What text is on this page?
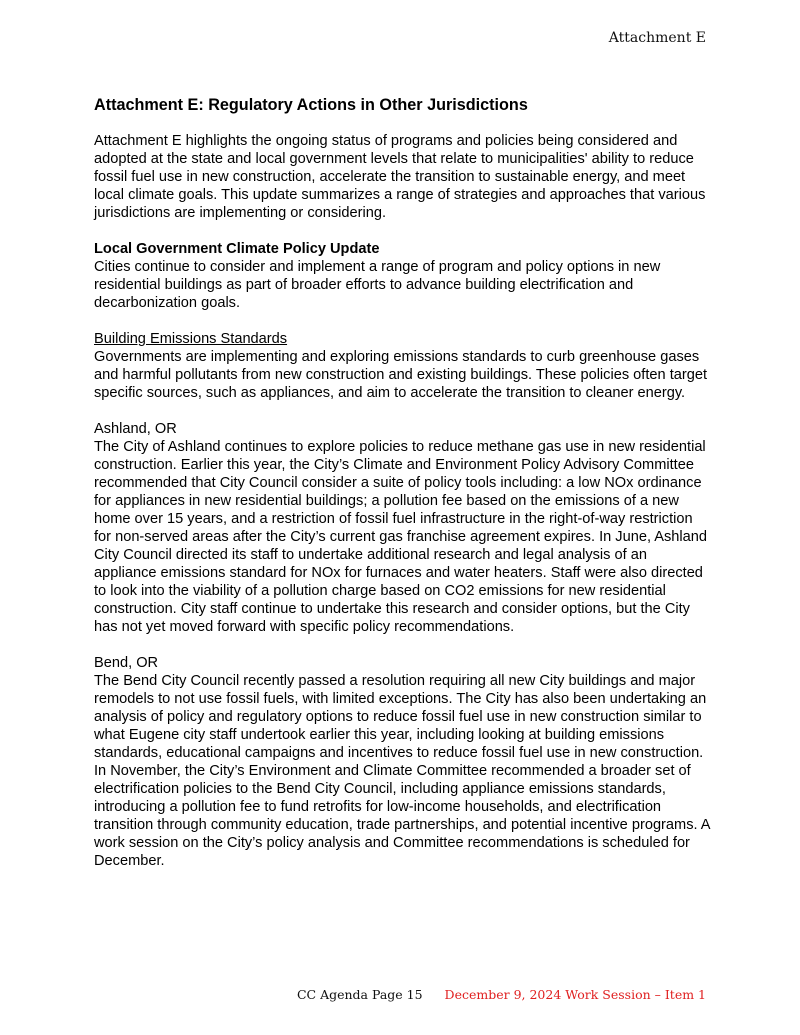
Attachment E

Attachment E: Regulatory Actions in Other Jurisdictions

Attachment E highlights the ongoing status of programs and policies being considered and adopted at the state and local government levels that relate to municipalities' ability to reduce fossil fuel use in new construction, accelerate the transition to sustainable energy, and meet local climate goals. This update summarizes a range of strategies and approaches that various jurisdictions are implementing or considering.

Local Government Climate Policy Update

Cities continue to consider and implement a range of program and policy options in new residential buildings as part of broader efforts to advance building electrification and decarbonization goals.

Building Emissions Standards

Governments are implementing and exploring emissions standards to curb greenhouse gases and harmful pollutants from new construction and existing buildings. These policies often target specific sources, such as appliances, and aim to accelerate the transition to cleaner energy.

Ashland, OR

The City of Ashland continues to explore policies to reduce methane gas use in new residential construction. Earlier this year, the City’s Climate and Environment Policy Advisory Committee recommended that City Council consider a suite of policy tools including: a low NOx ordinance for appliances in new residential buildings; a pollution fee based on the emissions of a new home over 15 years, and a restriction of fossil fuel infrastructure in the right-of-way restriction for non-served areas after the City’s current gas franchise agreement expires. In June, Ashland City Council directed its staff to undertake additional research and legal analysis of an appliance emissions standard for NOx for furnaces and water heaters. Staff were also directed to look into the viability of a pollution charge based on CO2 emissions for new residential construction. City staff continue to undertake this research and consider options, but the City has not yet moved forward with specific policy recommendations.

Bend, OR

The Bend City Council recently passed a resolution requiring all new City buildings and major remodels to not use fossil fuels, with limited exceptions. The City has also been undertaking an analysis of policy and regulatory options to reduce fossil fuel use in new construction similar to what Eugene city staff undertook earlier this year, including looking at building emissions standards, educational campaigns and incentives to reduce fossil fuel use in new construction. In November, the City’s Environment and Climate Committee recommended a broader set of electrification policies to the Bend City Council, including appliance emissions standards, introducing a pollution fee to fund retrofits for low-income households, and electrification transition through community education, trade partnerships, and potential incentive programs. A work session on the City’s policy analysis and Committee recommendations is scheduled for December.

CC Agenda Page 15 December 9, 2024 Work Session – Item 1
